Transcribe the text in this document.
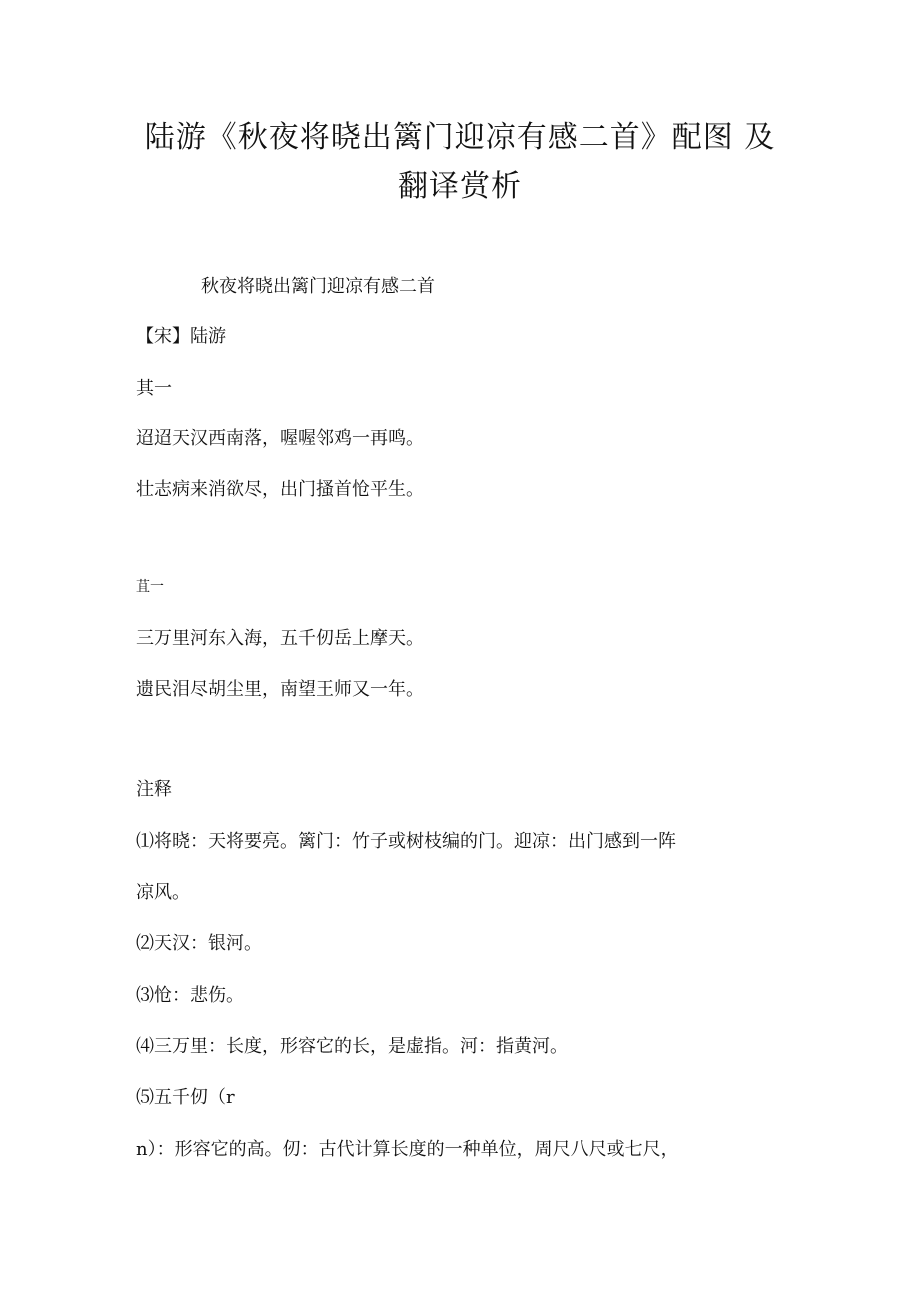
陆游《秋夜将晓出篱门迎凉有感二首》配图 及
翻译赏析
秋夜将晓出篱门迎凉有感二首
【宋】陆游
其一
迢迢天汉西南落，喔喔邻鸡一再鸣。
壮志病来消欲尽，出门搔首怆平生。
苴一
三万里河东入海，五千仞岳上摩天。
遗民泪尽胡尘里，南望王师又一年。
注释
⑴将晓：天将要亮。篱门：竹子或树枝编的门。迎凉：出门感到一阵
凉风。
⑵天汉：银河。
⑶怆：悲伤。
⑷三万里：长度，形容它的长，是虚指。河：指黄河。
⑸五千仞（r
n）：形容它的高。仞：古代计算长度的一种单位，周尺八尺或七尺，
